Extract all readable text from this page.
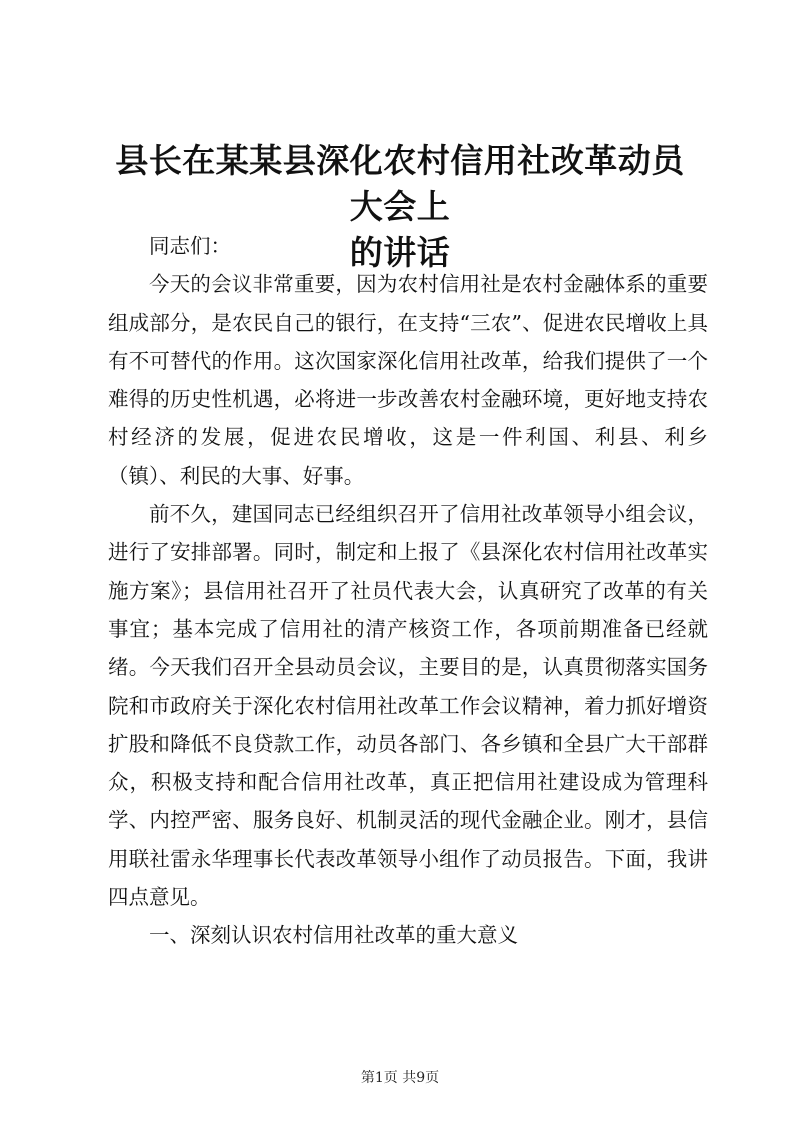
县长在某某县深化农村信用社改革动员大会上
的讲话

同志们：

今天的会议非常重要，因为农村信用社是农村金融体系的重要组成部分，是农民自己的银行，在支持“三农”、促进农民增收上具有不可替代的作用。这次国家深化信用社改革，给我们提供了一个难得的历史性机遇，必将进一步改善农村金融环境，更好地支持农村经济的发展，促进农民增收，这是一件利国、利县、利乡（镇）、利民的大事、好事。

前不久，建国同志已经组织召开了信用社改革领导小组会议，进行了安排部署。同时，制定和上报了《县深化农村信用社改革实施方案》；县信用社召开了社员代表大会，认真研究了改革的有关事宜；基本完成了信用社的清产核资工作，各项前期准备已经就绪。今天我们召开全县动员会议，主要目的是，认真贯彻落实国务院和市政府关于深化农村信用社改革工作会议精神，着力抓好增资扩股和降低不良贷款工作，动员各部门、各乡镇和全县广大干部群众，积极支持和配合信用社改革，真正把信用社建设成为管理科学、内控严密、服务良好、机制灵活的现代金融企业。刚才，县信用联社雷永华理事长代表改革领导小组作了动员报告。下面，我讲四点意见。

一、深刻认识农村信用社改革的重大意义

第1页 共9页
